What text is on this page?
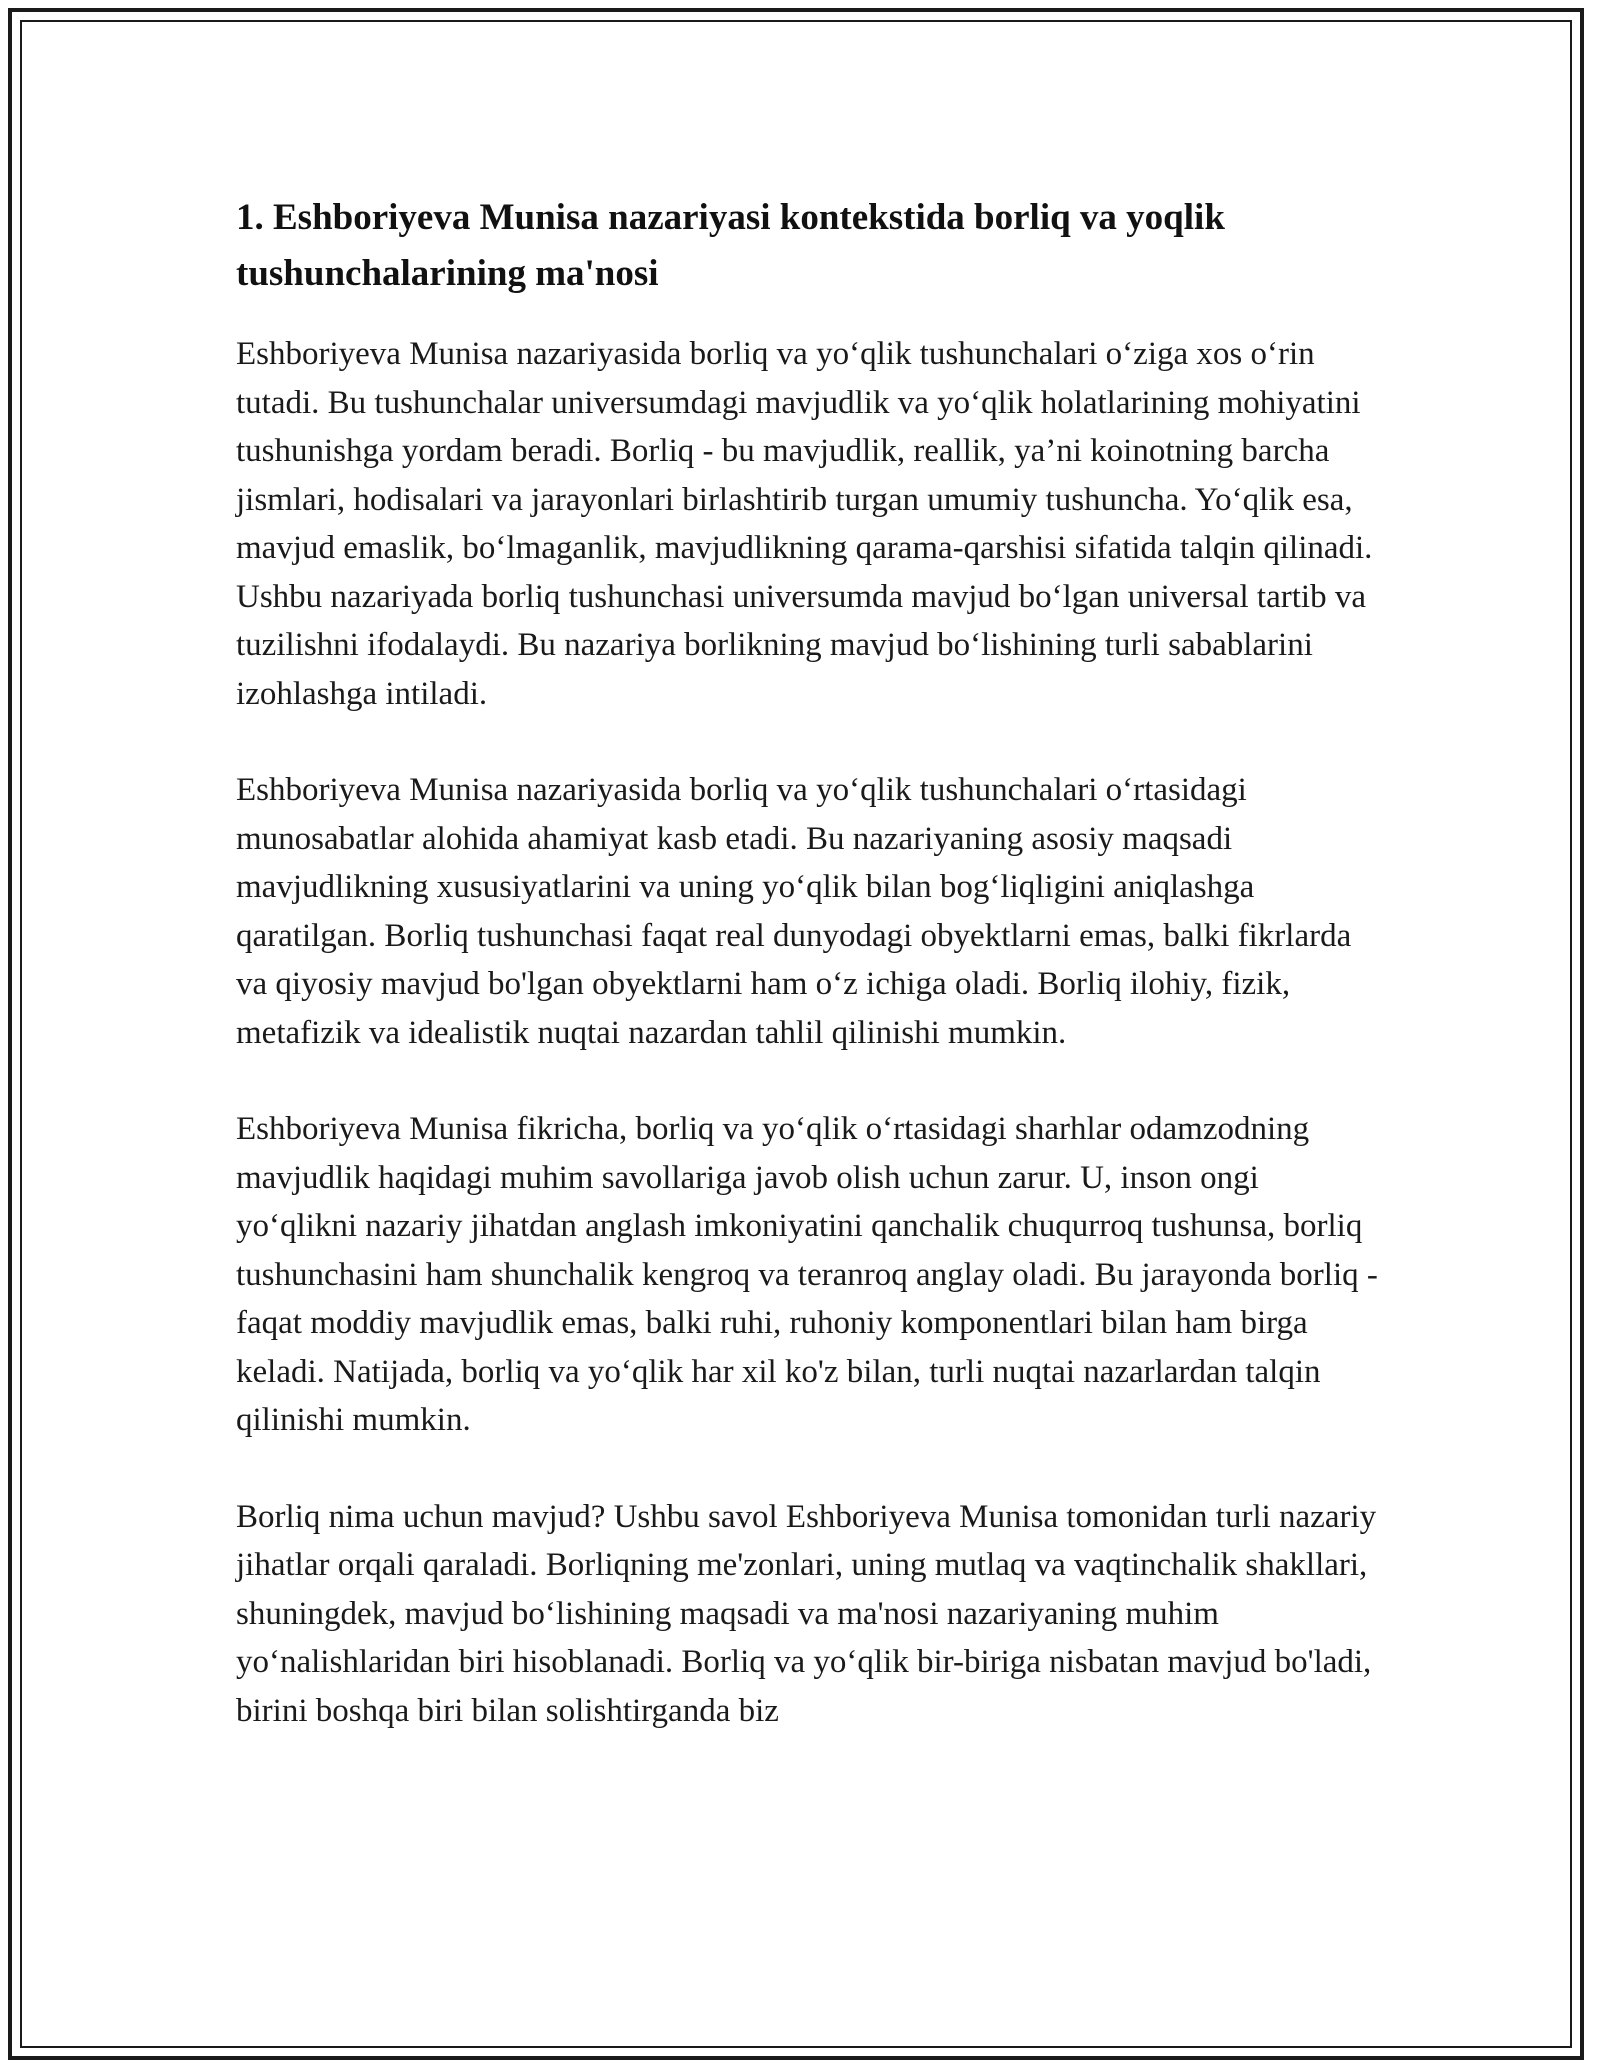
1. Eshboriyeva Munisa nazariyasi kontekstida borliq va yoqlik tushunchalarining ma'nosi

Eshboriyeva Munisa nazariyasida borliq va yo‘qlik tushunchalari o‘ziga xos o‘rin tutadi. Bu tushunchalar universumdagi mavjudlik va yo‘qlik holatlarining mohiyatini tushunishga yordam beradi. Borliq - bu mavjudlik, reallik, ya’ni koinotning barcha jismlari, hodisalari va jarayonlari birlashtirib turgan umumiy tushuncha. Yo‘qlik esa, mavjud emaslik, bo‘lmaganlik, mavjudlikning qarama-qarshisi sifatida talqin qilinadi. Ushbu nazariyada borliq tushunchasi universumda mavjud bo‘lgan universal tartib va tuzilishni ifodalaydi. Bu nazariya borlikning mavjud bo‘lishining turli sabablarini izohlashga intiladi.

Eshboriyeva Munisa nazariyasida borliq va yo‘qlik tushunchalari o‘rtasidagi munosabatlar alohida ahamiyat kasb etadi. Bu nazariyaning asosiy maqsadi mavjudlikning xususiyatlarini va uning yo‘qlik bilan bog‘liqligini aniqlashga qaratilgan. Borliq tushunchasi faqat real dunyodagi obyektlarni emas, balki fikrlarda va qiyosiy mavjud bo'lgan obyektlarni ham o‘z ichiga oladi. Borliq ilohiy, fizik, metafizik va idealistik nuqtai nazardan tahlil qilinishi mumkin.

Eshboriyeva Munisa fikricha, borliq va yo‘qlik o‘rtasidagi sharhlar odamzodning mavjudlik haqidagi muhim savollariga javob olish uchun zarur. U, inson ongi yo‘qlikni nazariy jihatdan anglash imkoniyatini qanchalik chuqurroq tushunsa, borliq tushunchasini ham shunchalik kengroq va teranroq anglay oladi. Bu jarayonda borliq - faqat moddiy mavjudlik emas, balki ruhi, ruhoniy komponentlari bilan ham birga keladi. Natijada, borliq va yo‘qlik har xil ko'z bilan, turli nuqtai nazarlardan talqin qilinishi mumkin.

Borliq nima uchun mavjud? Ushbu savol Eshboriyeva Munisa tomonidan turli nazariy jihatlar orqali qaraladi. Borliqning me'zonlari, uning mutlaq va vaqtinchalik shakllari, shuningdek, mavjud bo‘lishining maqsadi va ma'nosi nazariyaning muhim yo‘nalishlaridan biri hisoblanadi. Borliq va yo‘qlik bir-biriga nisbatan mavjud bo'ladi, birini boshqa biri bilan solishtirganda biz
